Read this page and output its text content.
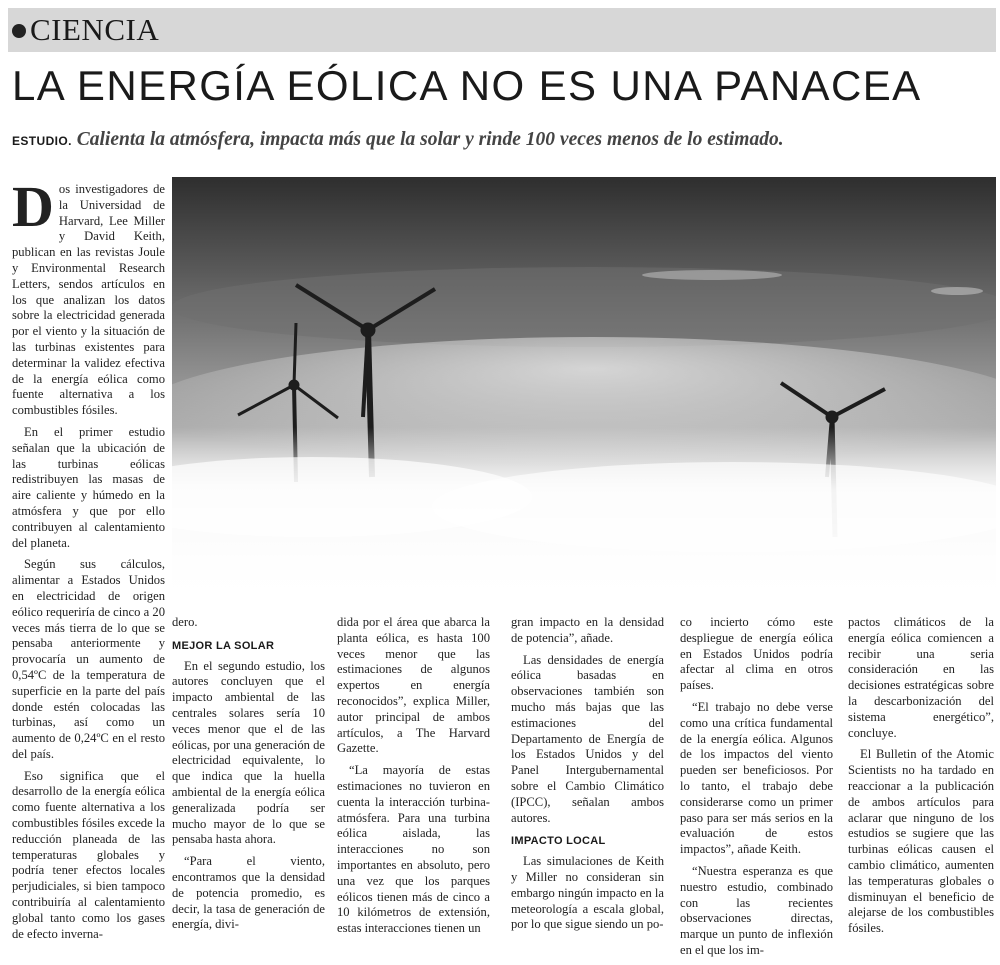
CIENCIA
LA ENERGÍA EÓLICA NO ES UNA PANACEA
ESTUDIO. Calienta la atmósfera, impacta más que la solar y rinde 100 veces menos de lo estimado.

Dos investigadores de la Universidad de Harvard, Lee Miller y David Keith, publican en las revistas Joule y Environmental Research Letters, sendos artículos en los que analizan los datos sobre la electricidad generada por el viento y la situación de las turbinas existentes para determinar la validez efectiva de la energía eólica como fuente alternativa a los combustibles fósiles.

En el primer estudio señalan que la ubicación de las turbinas eólicas redistribuyen las masas de aire caliente y húmedo en la atmósfera y que por ello contribuyen al calentamiento del planeta.

Según sus cálculos, alimentar a Estados Unidos en electricidad de origen eólico requeriría de cinco a 20 veces más tierra de lo que se pensaba anteriormente y provocaría un aumento de 0,54ºC de la temperatura de superficie en la parte del país donde estén colocadas las turbinas, así como un aumento de 0,24ºC en el resto del país.

Eso significa que el desarrollo de la energía eólica como fuente alternativa a los combustibles fósiles excede la reducción planeada de las temperaturas globales y podría tener efectos locales perjudiciales, si bien tampoco contribuiría al calentamiento global tanto como los gases de efecto inverna-

dero.

MEJOR LA SOLAR

En el segundo estudio, los autores concluyen que el impacto ambiental de las centrales solares sería 10 veces menor que el de las eólicas, por una generación de electricidad equivalente, lo que indica que la huella ambiental de la energía eólica generalizada podría ser mucho mayor de lo que se pensaba hasta ahora.

“Para el viento, encontramos que la densidad de potencia promedio, es decir, la tasa de generación de energía, divi-

dida por el área que abarca la planta eólica, es hasta 100 veces menor que las estimaciones de algunos expertos en energía reconocidos”, explica Miller, autor principal de ambos artículos, a The Harvard Gazette.

“La mayoría de estas estimaciones no tuvieron en cuenta la interacción turbina-atmósfera. Para una turbina eólica aislada, las interacciones no son importantes en absoluto, pero una vez que los parques eólicos tienen más de cinco a 10 kilómetros de extensión, estas interacciones tienen un

gran impacto en la densidad de potencia”, añade.

Las densidades de energía eólica basadas en observaciones también son mucho más bajas que las estimaciones del Departamento de Energía de los Estados Unidos y del Panel Intergubernamental sobre el Cambio Climático (IPCC), señalan ambos autores.

IMPACTO LOCAL

Las simulaciones de Keith y Miller no consideran sin embargo ningún impacto en la meteorología a escala global, por lo que sigue siendo un po-

co incierto cómo este despliegue de energía eólica en Estados Unidos podría afectar al clima en otros países.

“El trabajo no debe verse como una crítica fundamental de la energía eólica. Algunos de los impactos del viento pueden ser beneficiosos. Por lo tanto, el trabajo debe considerarse como un primer paso para ser más serios en la evaluación de estos impactos”, añade Keith.

“Nuestra esperanza es que nuestro estudio, combinado con las recientes observaciones directas, marque un punto de inflexión en el que los im-

pactos climáticos de la energía eólica comiencen a recibir una seria consideración en las decisiones estratégicas sobre la descarbonización del sistema energético”, concluye.

El Bulletin of the Atomic Scientists no ha tardado en reaccionar a la publicación de ambos artículos para aclarar que ninguno de los estudios se sugiere que las turbinas eólicas causen el cambio climático, aumenten las temperaturas globales o disminuyan el beneficio de alejarse de los combustibles fósiles.
